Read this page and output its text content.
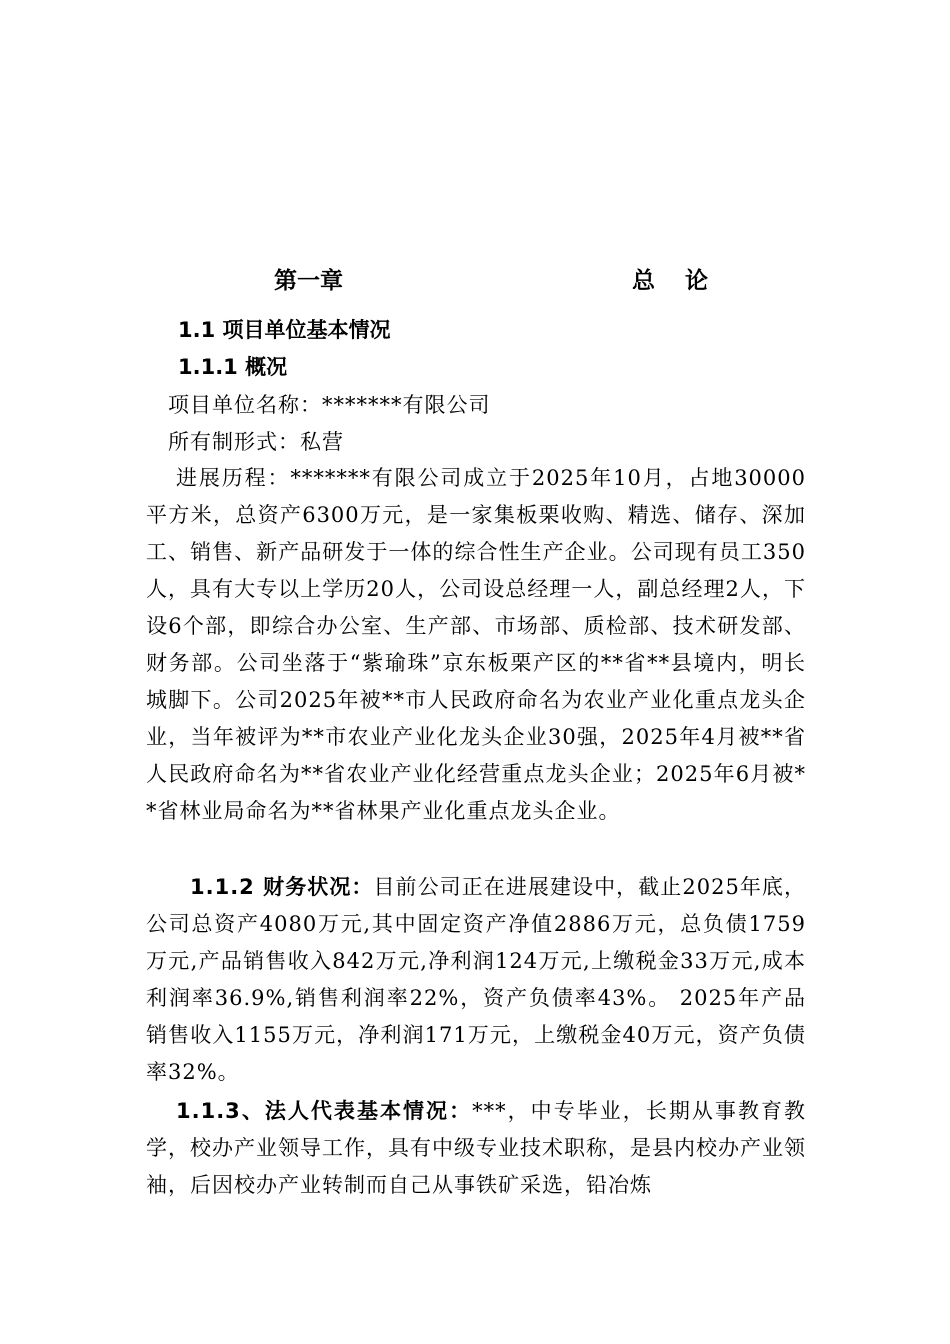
第一章	总论
1.1 项目单位基本情况
1.1.1 概况
项目单位名称：*******有限公司
所有制形式：私营
进展历程：*******有限公司成立于2025年10月，占地30000平方米，总资产6300万元，是一家集板栗收购、精选、储存、深加工、销售、新产品研发于一体的综合性生产企业。公司现有员工350人，具有大专以上学历20人，公司设总经理一人，副总经理2人，下设6个部，即综合办公室、生产部、市场部、质检部、技术研发部、财务部。公司坐落于“紫瑜珠”京东板栗产区的**省**县境内，明长城脚下。公司2025年被**市人民政府命名为农业产业化重点龙头企业，当年被评为**市农业产业化龙头企业30强，2025年4月被**省人民政府命名为**省农业产业化经营重点龙头企业；2025年6月被**省林业局命名为**省林果产业化重点龙头企业。
1.1.2 财务状况：目前公司正在进展建设中，截止2025年底，公司总资产4080万元,其中固定资产净值2886万元，总负债1759万元,产品销售收入842万元,净利润124万元,上缴税金33万元,成本利润率36.9%,销售利润率22%，资产负债率43%。 2025年产品销售收入1155万元，净利润171万元，上缴税金40万元，资产负债率32%。
1.1.3、法人代表基本情况：***，中专毕业，长期从事教育教学，校办产业领导工作，具有中级专业技术职称，是县内校办产业领袖，后因校办产业转制而自己从事铁矿采选，铅冶炼
